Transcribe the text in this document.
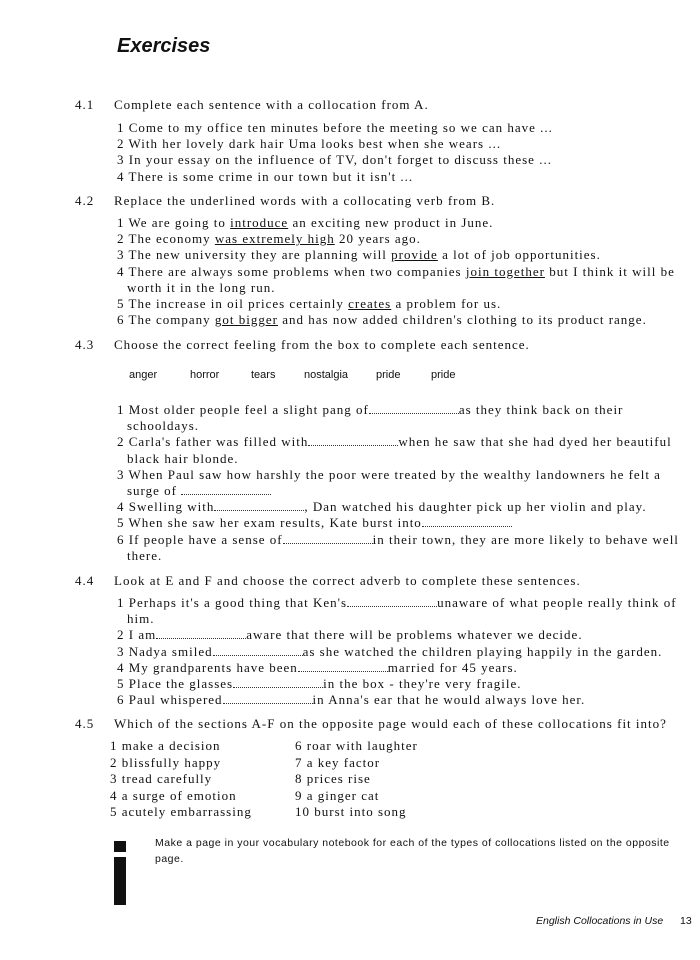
Exercises
4.1 Complete each sentence with a collocation from A.
1 Come to my office ten minutes before the meeting so we can have ...
2 With her lovely dark hair Uma looks best when she wears ...
3 In your essay on the influence of TV, don't forget to discuss these ...
4 There is some crime in our town but it isn't ...
4.2 Replace the underlined words with a collocating verb from B.
1 We are going to introduce an exciting new product in June.
2 The economy was extremely high 20 years ago.
3 The new university they are planning will provide a lot of job opportunities.
4 There are always some problems when two companies join together but I think it will be worth it in the long run.
5 The increase in oil prices certainly creates a problem for us.
6 The company got bigger and has now added children's clothing to its product range.
4.3 Choose the correct feeling from the box to complete each sentence.
anger	horror	tears	nostalgia	pride	pride
1 Most older people feel a slight pang of	as they think back on their schooldays.
2 Carla's father was filled with	when he saw that she had dyed her beautiful black hair blonde.
3 When Paul saw how harshly the poor were treated by the wealthy landowners he felt a surge of
4 Swelling with	, Dan watched his daughter pick up her violin and play.
5 When she saw her exam results, Kate burst into
6 If people have a sense of	in their town, they are more likely to behave well there.
4.4 Look at E and F and choose the correct adverb to complete these sentences.
1 Perhaps it's a good thing that Ken's	unaware of what people really think of him.
2 I am	aware that there will be problems whatever we decide.
3 Nadya smiled	as she watched the children playing happily in the garden.
4 My grandparents have been	married for 45 years.
5 Place the glasses	in the box - they're very fragile.
6 Paul whispered	in Anna's ear that he would always love her.
4.5 Which of the sections A-F on the opposite page would each of these collocations fit into?
1 make a decision	6 roar with laughter
2 blissfully happy	7 a key factor
3 tread carefully	8 prices rise
4 a surge of emotion	9 a ginger cat
5 acutely embarrassing	10 burst into song
Make a page in your vocabulary notebook for each of the types of collocations listed on the opposite page.
English Collocations in Use 13
